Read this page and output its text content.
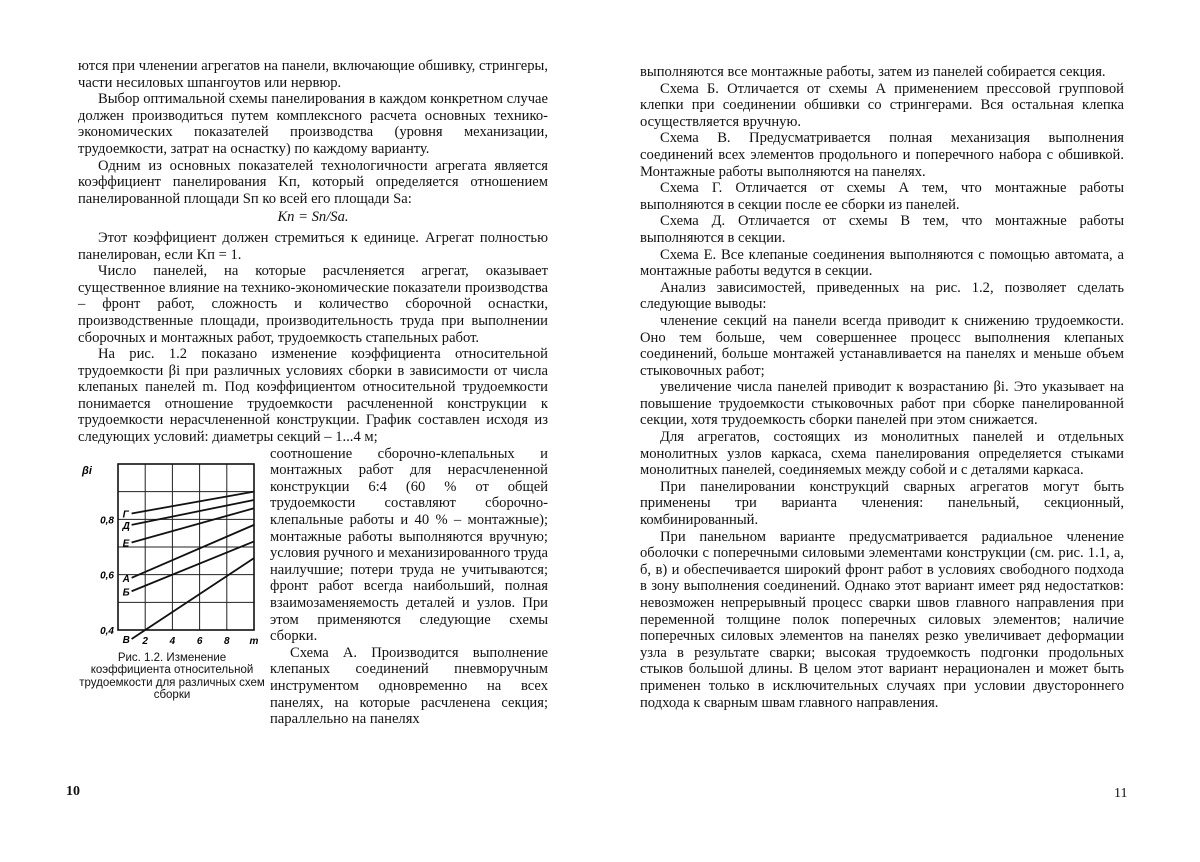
ются при членении агрегатов на панели, включающие обшивку, стрингеры, части несиловых шпангоутов или нервюр.

Выбор оптимальной схемы панелирования в каждом конкретном случае должен производиться путем комплексного расчета основных технико-экономических показателей производства (уровня механизации, трудоемкости, затрат на оснастку) по каждому варианту.

Одним из основных показателей технологичности агрегата является коэффициент панелирования Kп, который определяется отношением панелированной площади Sп ко всей его площади Sа:

Kп = Sп/Sа.

Этот коэффициент должен стремиться к единице. Агрегат полностью панелирован, если Kп = 1.

Число панелей, на которые расчленяется агрегат, оказывает существенное влияние на технико-экономические показатели производства – фронт работ, сложность и количество сборочной оснастки, производственные площади, производительность труда при выполнении сборочных и монтажных работ, трудоемкость стапельных работ.

На рис. 1.2 показано изменение коэффициента относительной трудоемкости βi при различных условиях сборки в зависимости от числа клепаных панелей m. Под коэффициентом относительной трудоемкости понимается отношение трудоемкости расчлененной конструкции к трудоемкости нерасчлененной конструкции. График составлен исходя из следующих условий: диаметры секций – 1...4 м;

Г
Д
Е
А
Б
В
0,4
0,6
0,8
2 4 6 8 m
βi
Рис. 1.2. Изменение коэффициента относительной трудоемкости для различных схем сборки

соотношение сборочно-клепальных и монтажных работ для нерасчлененной конструкции 6:4 (60 % от общей трудоемкости составляют сборочно-клепальные работы и 40 % – монтажные); монтажные работы выполняются вручную; условия ручного и механизированного труда наилучшие; потери труда не учитываются; фронт работ всегда наибольший, полная взаимозаменяемость деталей и узлов. При этом применяются следующие схемы сборки.

Схема А. Производится выполнение клепаных соединений пневморучным инструментом одновременно на всех панелях, на которые расчленена секция; параллельно на панелях

10

выполняются все монтажные работы, затем из панелей собирается секция.

Схема Б. Отличается от схемы А применением прессовой групповой клепки при соединении обшивки со стрингерами. Вся остальная клепка осуществляется вручную.

Схема В. Предусматривается полная механизация выполнения соединений всех элементов продольного и поперечного набора с обшивкой. Монтажные работы выполняются на панелях.

Схема Г. Отличается от схемы А тем, что монтажные работы выполняются в секции после ее сборки из панелей.

Схема Д. Отличается от схемы В тем, что монтажные работы выполняются в секции.

Схема Е. Все клепаные соединения выполняются с помощью автомата, а монтажные работы ведутся в секции.

Анализ зависимостей, приведенных на рис. 1.2, позволяет сделать следующие выводы:

членение секций на панели всегда приводит к снижению трудоемкости. Оно тем больше, чем совершеннее процесс выполнения клепаных соединений, больше монтажей устанавливается на панелях и меньше объем стыковочных работ;

увеличение числа панелей приводит к возрастанию βi. Это указывает на повышение трудоемкости стыковочных работ при сборке панелированной секции, хотя трудоемкость сборки панелей при этом снижается.

Для агрегатов, состоящих из монолитных панелей и отдельных монолитных узлов каркаса, схема панелирования определяется стыками монолитных панелей, соединяемых между собой и с деталями каркаса.

При панелировании конструкций сварных агрегатов могут быть применены три варианта членения: панельный, секционный, комбинированный.

При панельном варианте предусматривается радиальное членение оболочки с поперечными силовыми элементами конструкции (см. рис. 1.1, а, б, в) и обеспечивается широкий фронт работ в условиях свободного подхода в зону выполнения соединений. Однако этот вариант имеет ряд недостатков: невозможен непрерывный процесс сварки швов главного направления при переменной толщине полок поперечных силовых элементов; наличие поперечных силовых элементов на панелях резко увеличивает деформации узла в результате сварки; высокая трудоемкость подгонки продольных стыков большой длины. В целом этот вариант нерационален и может быть применен только в исключительных случаях при условии двустороннего подхода к сварным швам главного направления.

11
